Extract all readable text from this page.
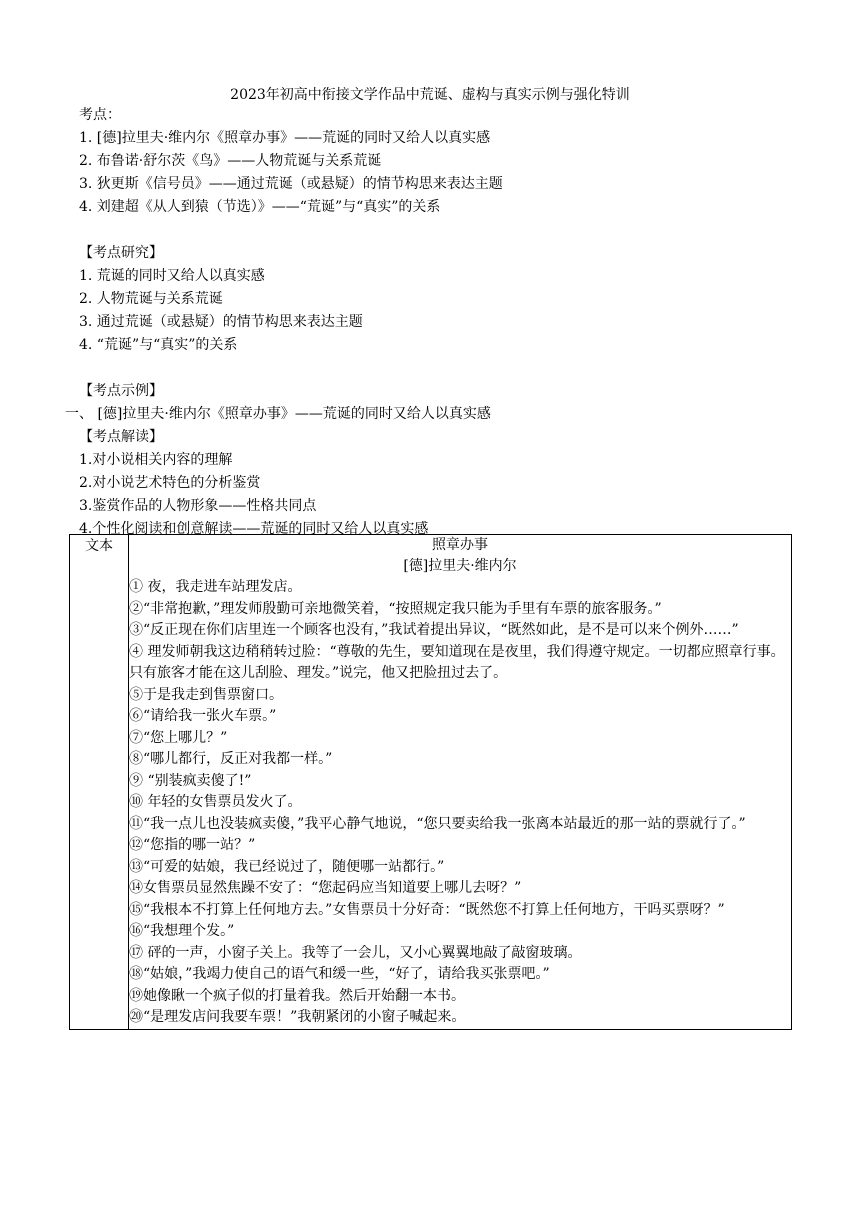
2023年初高中衔接文学作品中荒诞、虚构与真实示例与强化特训
考点：
1. [德]拉里夫·维内尔《照章办事》——荒诞的同时又给人以真实感
2. 布鲁诺·舒尔茨《鸟》——人物荒诞与关系荒诞
3. 狄更斯《信号员》——通过荒诞（或悬疑）的情节构思来表达主题
4. 刘建超《从人到猿（节选）》——“荒诞”与“真实”的关系
【考点研究】
1. 荒诞的同时又给人以真实感
2. 人物荒诞与关系荒诞
3. 通过荒诞（或悬疑）的情节构思来表达主题
4. “荒诞”与“真实”的关系
【考点示例】
一、 [德]拉里夫·维内尔《照章办事》——荒诞的同时又给人以真实感
【考点解读】
1.对小说相关内容的理解
2.对小说艺术特色的分析鉴赏
3.鉴赏作品的人物形象——性格共同点
4.个性化阅读和创意解读——荒诞的同时又给人以真实感
文本	照章办事
[德]拉里夫·维内尔
① 夜，我走进车站理发店。
②“非常抱歉，”理发师殷勤可亲地微笑着，“按照规定我只能为手里有车票的旅客服务。”
③“反正现在你们店里连一个顾客也没有，”我试着提出异议，“既然如此，是不是可以来个例外……”
④ 理发师朝我这边稍稍转过脸：“尊敬的先生，要知道现在是夜里，我们得遵守规定。一切都应照章行事。只有旅客才能在这儿刮脸、理发。”说完，他又把脸扭过去了。
⑤于是我走到售票窗口。
⑥“请给我一张火车票。”
⑦“您上哪儿？”
⑧“哪儿都行，反正对我都一样。”
⑨ “别装疯卖傻了!”
⑩ 年轻的女售票员发火了。
⑪“我一点儿也没装疯卖傻，”我平心静气地说，“您只要卖给我一张离本站最近的那一站的票就行了。”
⑫“您指的哪一站？”
⑬“可爱的姑娘，我已经说过了，随便哪一站都行。”
⑭女售票员显然焦躁不安了：“您起码应当知道要上哪儿去呀？”
⑮“我根本不打算上任何地方去。”女售票员十分好奇：“既然您不打算上任何地方，干吗买票呀？”
⑯“我想理个发。”
⑰ 砰的一声，小窗子关上。我等了一会儿，又小心翼翼地敲了敲窗玻璃。
⑱“姑娘，”我竭力使自己的语气和缓一些，“好了，请给我买张票吧。”
⑲她像瞅一个疯子似的打量着我。然后开始翻一本书。
⑳“是理发店问我要车票！”我朝紧闭的小窗子喊起来。
